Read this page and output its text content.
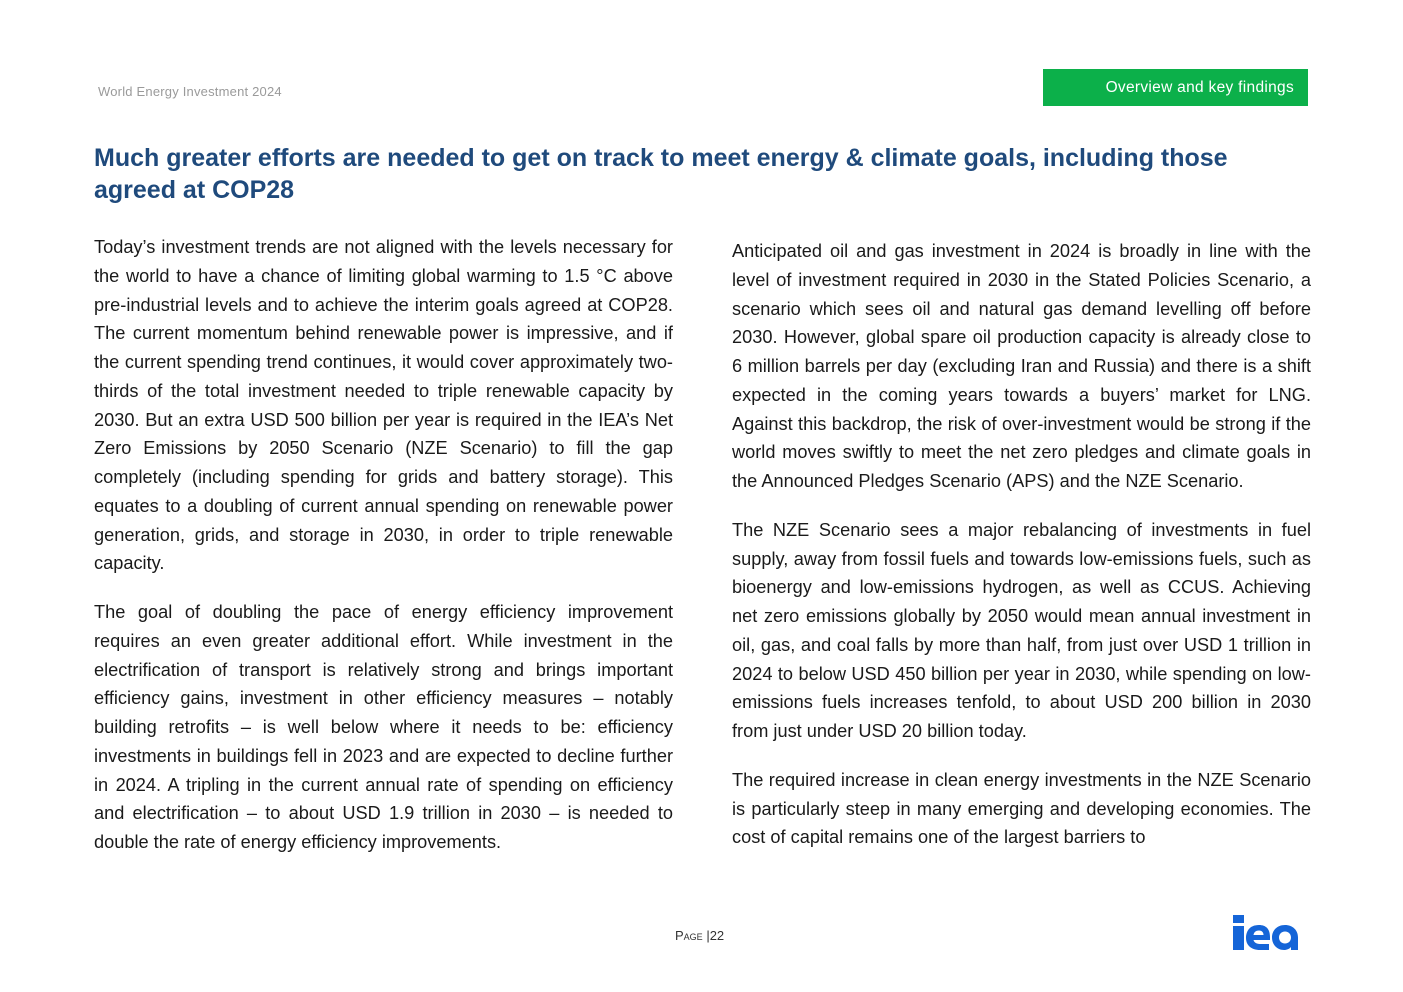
World Energy Investment 2024	Overview and key findings
Much greater efforts are needed to get on track to meet energy & climate goals, including those agreed at COP28

Today’s investment trends are not aligned with the levels necessary for the world to have a chance of limiting global warming to 1.5 °C above pre-industrial levels and to achieve the interim goals agreed at COP28. The current momentum behind renewable power is impressive, and if the current spending trend continues, it would cover approximately two-thirds of the total investment needed to triple renewable capacity by 2030. But an extra USD 500 billion per year is required in the IEA’s Net Zero Emissions by 2050 Scenario (NZE Scenario) to fill the gap completely (including spending for grids and battery storage). This equates to a doubling of current annual spending on renewable power generation, grids, and storage in 2030, in order to triple renewable capacity.

The goal of doubling the pace of energy efficiency improvement requires an even greater additional effort. While investment in the electrification of transport is relatively strong and brings important efficiency gains, investment in other efficiency measures – notably building retrofits – is well below where it needs to be: efficiency investments in buildings fell in 2023 and are expected to decline further in 2024. A tripling in the current annual rate of spending on efficiency and electrification – to about USD 1.9 trillion in 2030 – is needed to double the rate of energy efficiency improvements.

Anticipated oil and gas investment in 2024 is broadly in line with the level of investment required in 2030 in the Stated Policies Scenario, a scenario which sees oil and natural gas demand levelling off before 2030. However, global spare oil production capacity is already close to 6 million barrels per day (excluding Iran and Russia) and there is a shift expected in the coming years towards a buyers’ market for LNG. Against this backdrop, the risk of over-investment would be strong if the world moves swiftly to meet the net zero pledges and climate goals in the Announced Pledges Scenario (APS) and the NZE Scenario.

The NZE Scenario sees a major rebalancing of investments in fuel supply, away from fossil fuels and towards low-emissions fuels, such as bioenergy and low-emissions hydrogen, as well as CCUS. Achieving net zero emissions globally by 2050 would mean annual investment in oil, gas, and coal falls by more than half, from just over USD 1 trillion in 2024 to below USD 450 billion per year in 2030, while spending on low-emissions fuels increases tenfold, to about USD 200 billion in 2030 from just under USD 20 billion today.

The required increase in clean energy investments in the NZE Scenario is particularly steep in many emerging and developing economies. The cost of capital remains one of the largest barriers to

Page |22
